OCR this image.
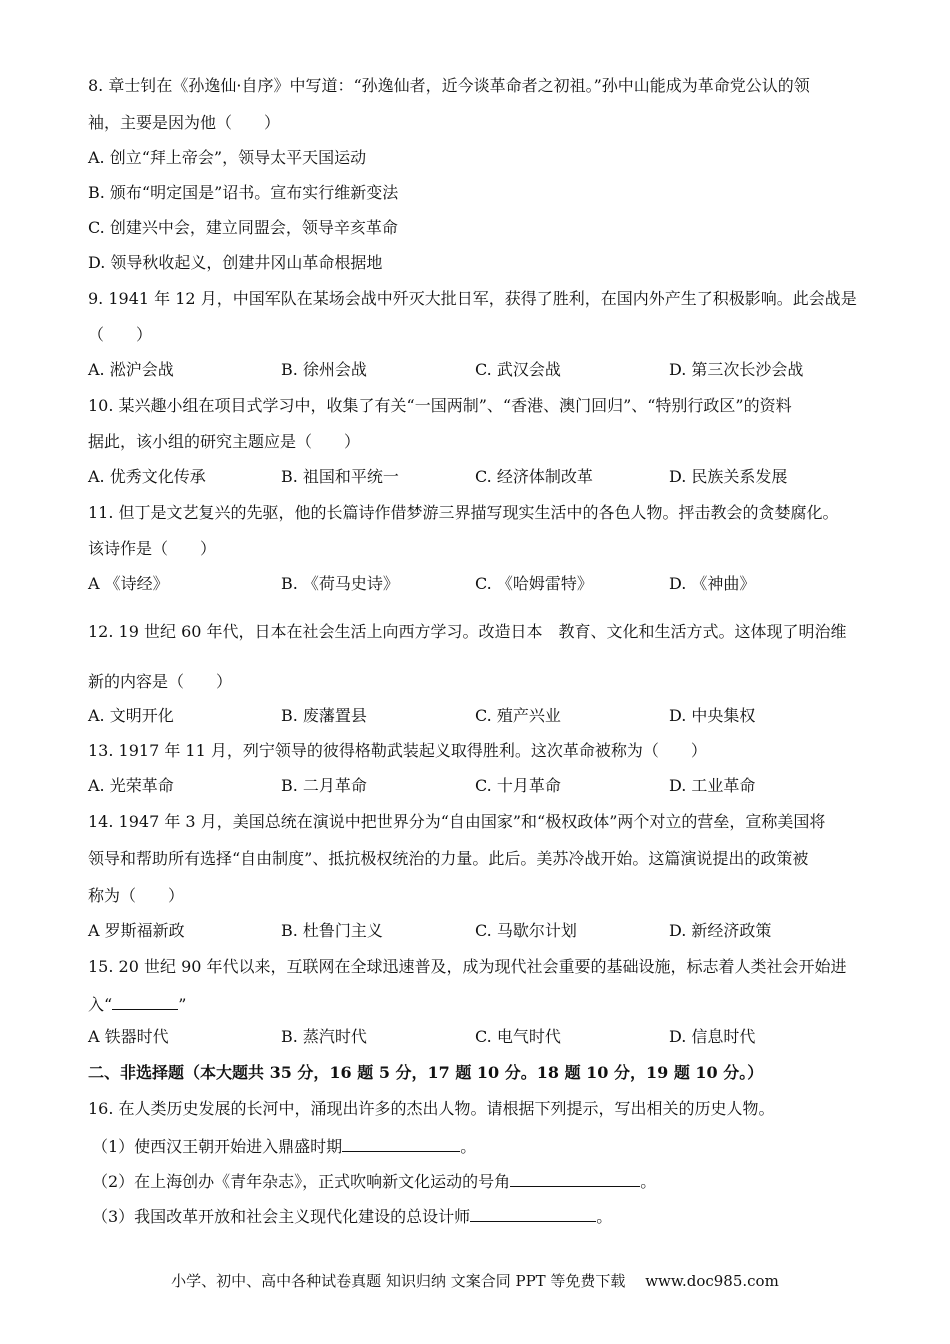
8. 章士钊在《孙逸仙·自序》中写道：“孙逸仙者，近今谈革命者之初祖。”孙中山能成为革命党公认的领
袖，主要是因为他（　　）
A. 创立“拜上帝会”，领导太平天国运动
B. 颁布“明定国是”诏书。宣布实行维新变法
C. 创建兴中会，建立同盟会，领导辛亥革命
D. 领导秋收起义，创建井冈山革命根据地
9. 1941 年 12 月，中国军队在某场会战中歼灭大批日军，获得了胜利，在国内外产生了积极影响。此会战是
（　　）
A. 淞沪会战	B. 徐州会战	C. 武汉会战	D. 第三次长沙会战
10. 某兴趣小组在项目式学习中，收集了有关“一国两制”、“香港、澳门回归”、“特别行政区”的资料
据此，该小组的研究主题应是（　　）
A. 优秀文化传承	B. 祖国和平统一	C. 经济体制改革	D. 民族关系发展
11. 但丁是文艺复兴的先驱，他的长篇诗作借梦游三界描写现实生活中的各色人物。抨击教会的贪婪腐化。
该诗作是（　　）
A 《诗经》	B. 《荷马史诗》	C. 《哈姆雷特》	D. 《神曲》
12. 19 世纪 60 年代，日本在社会生活上向西方学习。改造日本　教育、文化和生活方式。这体现了明治维
新的内容是（　　）
A. 文明开化	B. 废藩置县	C. 殖产兴业	D. 中央集权
13. 1917 年 11 月，列宁领导的彼得格勒武装起义取得胜利。这次革命被称为（　　）
A. 光荣革命	B. 二月革命	C. 十月革命	D. 工业革命
14. 1947 年 3 月，美国总统在演说中把世界分为“自由国家”和“极权政体”两个对立的营垒，宣称美国将
领导和帮助所有选择“自由制度”、抵抗极权统治的力量。此后。美苏冷战开始。这篇演说提出的政策被
称为（　　）
A 罗斯福新政	B. 杜鲁门主义	C. 马歇尔计划	D. 新经济政策
15. 20 世纪 90 年代以来，互联网在全球迅速普及，成为现代社会重要的基础设施，标志着人类社会开始进
入“	”
A 铁器时代	B. 蒸汽时代	C. 电气时代	D. 信息时代
二、非选择题（本大题共 35 分，16 题 5 分，17 题 10 分。18 题 10 分，19 题 10 分。）
16. 在人类历史发展的长河中，涌现出许多的杰出人物。请根据下列提示，写出相关的历史人物。
（1）使西汉王朝开始进入鼎盛时期	。
（2）在上海创办《青年杂志》，正式吹响新文化运动的号角	。
（3）我国改革开放和社会主义现代化建设的总设计师	。
小学、初中、高中各种试卷真题 知识归纳 文案合同 PPT 等免费下载　 www.doc985.com
